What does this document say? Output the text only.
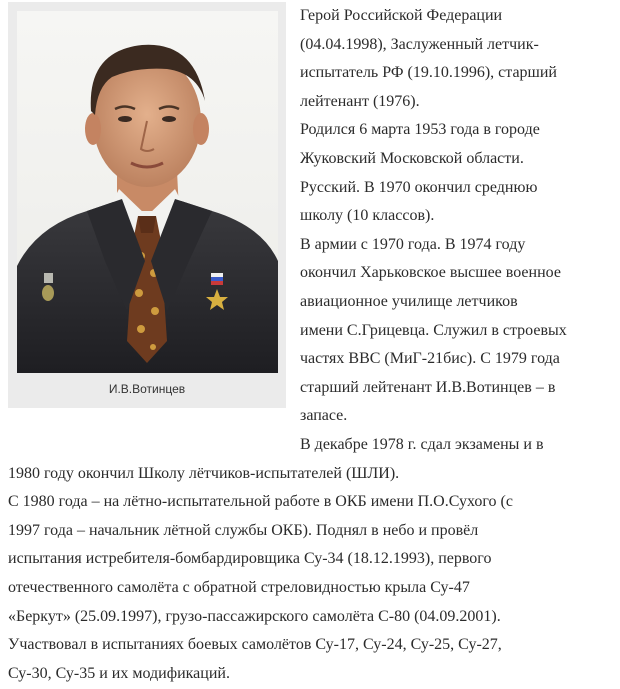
И.В.Вотинцев
Герой Российской Федерации
(04.04.1998), Заслуженный летчик-
испытатель РФ (19.10.1996), старший
лейтенант (1976).
Родился 6 марта 1953 года в городе
Жуковский Московской области.
Русский. В 1970 окончил среднюю
школу (10 классов).
В армии с 1970 года. В 1974 году
окончил Харьковское высшее военное
авиационное училище летчиков
имени С.Грицевца. Служил в строевых
частях ВВС (МиГ-21бис). С 1979 года
старший лейтенант И.В.Вотинцев – в
запасе.
В декабре 1978 г. сдал экзамены и в
1980 году окончил Школу лётчиков-испытателей (ШЛИ).
С 1980 года – на лётно-испытательной работе в ОКБ имени П.О.Сухого (с
1997 года – начальник лётной службы ОКБ). Поднял в небо и провёл
испытания истребителя-бомбардировщика Су-34 (18.12.1993), первого
отечественного самолёта с обратной стреловидностью крыла Су-47
«Беркут» (25.09.1997), грузо-пассажирского самолёта С-80 (04.09.2001).
Участвовал в испытаниях боевых самолётов Су-17, Су-24, Су-25, Су-27,
Су-30, Су-35 и их модификаций.
